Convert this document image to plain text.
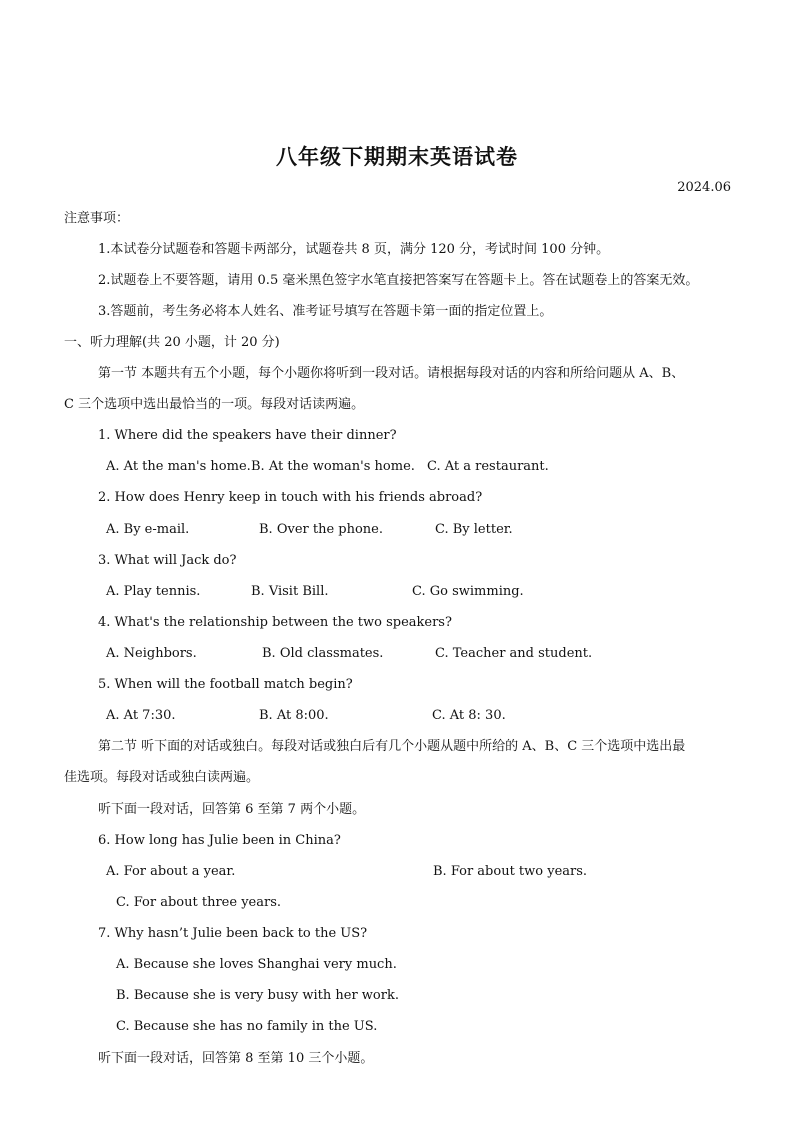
八年级下期期末英语试卷
2024.06
注意事项：
1.本试卷分试题卷和答题卡两部分，试题卷共 8 页，满分 120 分，考试时间 100 分钟。
2.试题卷上不要答题，请用 0.5 毫米黑色签字水笔直接把答案写在答题卡上。答在试题卷上的答案无效。
3.答题前，考生务必将本人姓名、准考证号填写在答题卡第一面的指定位置上。
一、听力理解(共 20 小题，计 20 分)
第一节 本题共有五个小题，每个小题你将听到一段对话。请根据每段对话的内容和所给问题从 A、B、
C 三个选项中选出最恰当的一项。每段对话读两遍。
1. Where did the speakers have their dinner?
A. At the man's home. B. At the woman's home. C. At a restaurant.
2. How does Henry keep in touch with his friends abroad?
A. By e-mail.	B. Over the phone.	C. By letter.
3. What will Jack do?
A. Play tennis.	B. Visit Bill.	C. Go swimming.
4. What's the relationship between the two speakers?
A. Neighbors.	B. Old classmates.	C. Teacher and student.
5. When will the football match begin?
A. At 7:30.	B. At 8:00.	C. At 8: 30.
第二节 听下面的对话或独白。每段对话或独白后有几个小题从题中所给的 A、B、C 三个选项中选出最
佳选项。每段对话或独白读两遍。
听下面一段对话，回答第 6 至第 7 两个小题。
6. How long has Julie been in China?
A. For about a year.	B. For about two years.
C. For about three years.
7. Why hasn’t Julie been back to the US?
A. Because she loves Shanghai very much.
B. Because she is very busy with her work.
C. Because she has no family in the US.
听下面一段对话，回答第 8 至第 10 三个小题。
